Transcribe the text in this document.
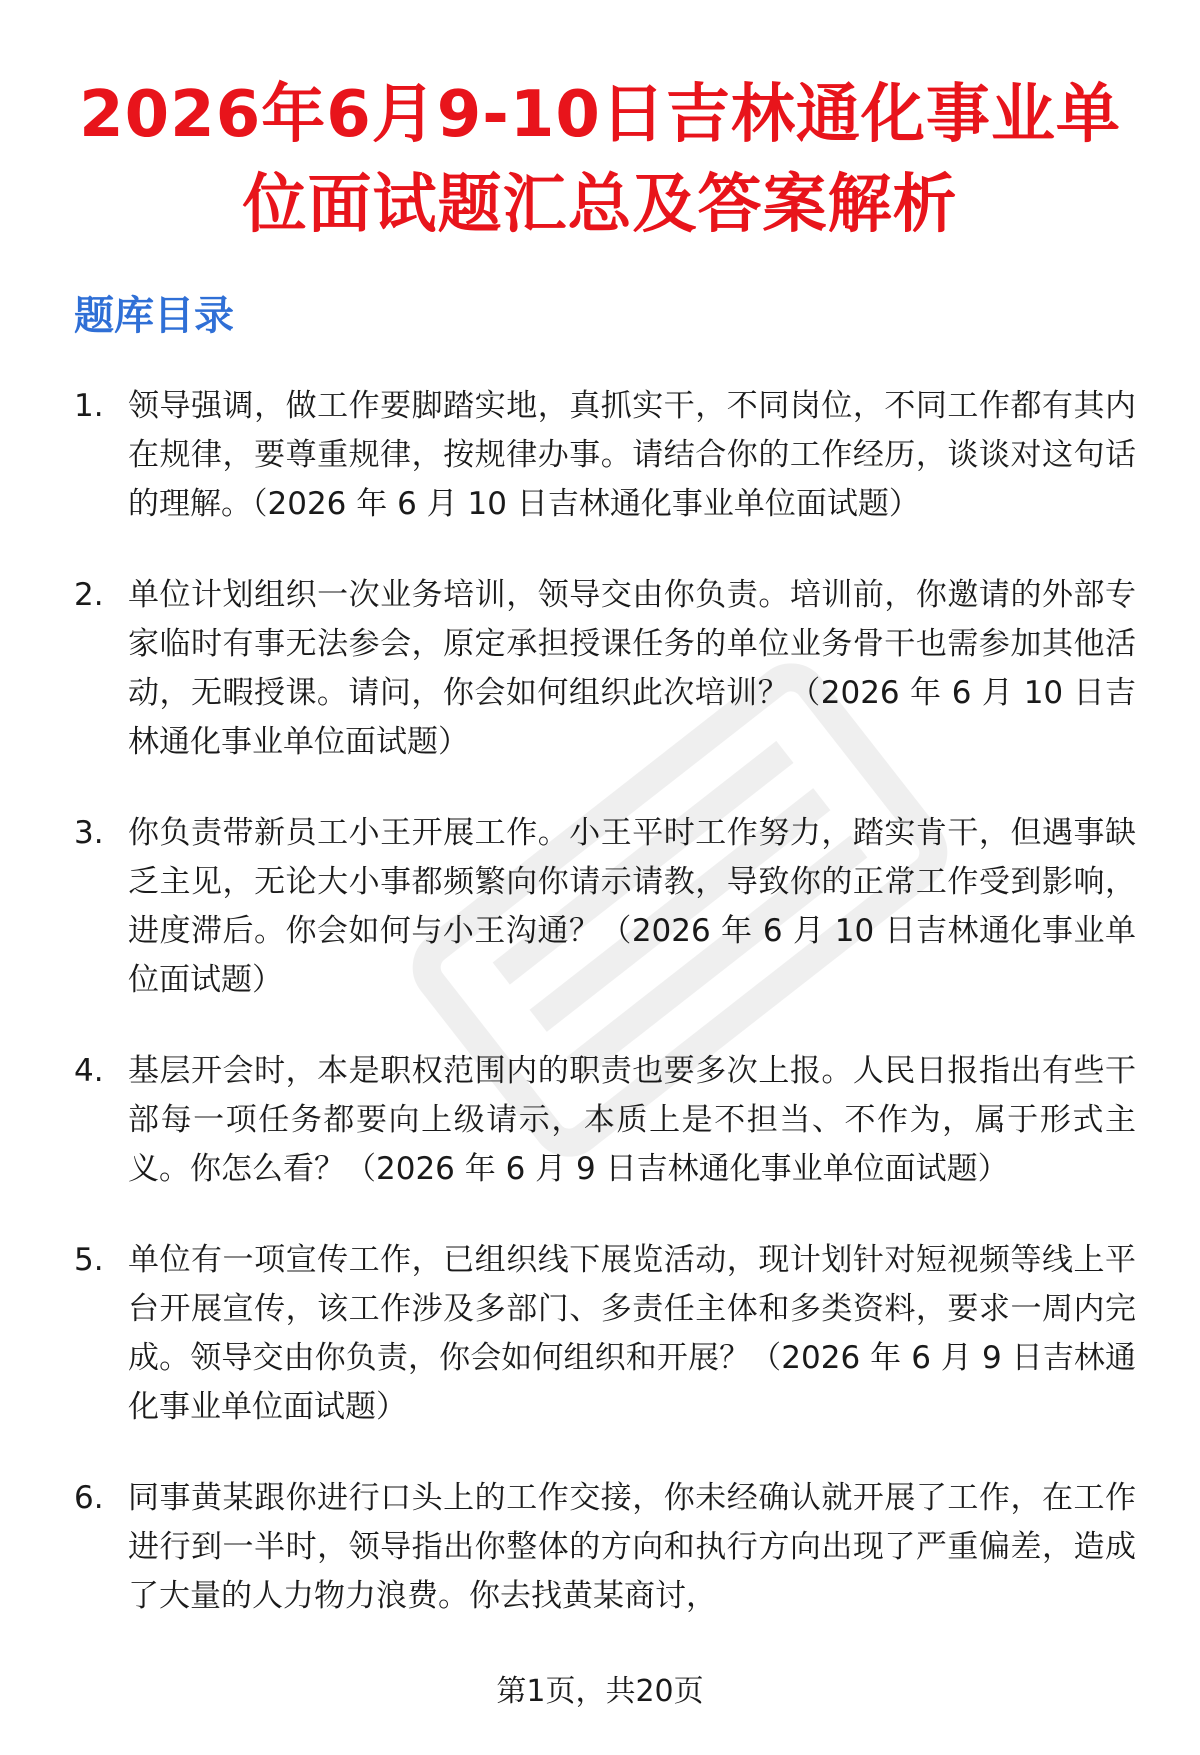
2026年6月9-10日吉林通化事业单位面试题汇总及答案解析
题库目录
1. 领导强调，做工作要脚踏实地，真抓实干，不同岗位，不同工作都有其内在规律，要尊重规律，按规律办事。请结合你的工作经历，谈谈对这句话的理解。（2026 年 6 月 10 日吉林通化事业单位面试题）
2. 单位计划组织一次业务培训，领导交由你负责。培训前，你邀请的外部专家临时有事无法参会，原定承担授课任务的单位业务骨干也需参加其他活动，无暇授课。请问，你会如何组织此次培训？（2026 年 6 月 10 日吉林通化事业单位面试题）
3. 你负责带新员工小王开展工作。小王平时工作努力，踏实肯干，但遇事缺乏主见，无论大小事都频繁向你请示请教，导致你的正常工作受到影响，进度滞后。你会如何与小王沟通？（2026 年 6 月 10 日吉林通化事业单位面试题）
4. 基层开会时，本是职权范围内的职责也要多次上报。人民日报指出有些干部每一项任务都要向上级请示，本质上是不担当、不作为，属于形式主义。你怎么看？（2026 年 6 月 9 日吉林通化事业单位面试题）
5. 单位有一项宣传工作，已组织线下展览活动，现计划针对短视频等线上平台开展宣传，该工作涉及多部门、多责任主体和多类资料，要求一周内完成。领导交由你负责，你会如何组织和开展？（2026 年 6 月 9 日吉林通化事业单位面试题）
6. 同事黄某跟你进行口头上的工作交接，你未经确认就开展了工作，在工作进行到一半时，领导指出你整体的方向和执行方向出现了严重偏差，造成了大量的人力物力浪费。你去找黄某商讨，
第1页，共20页
